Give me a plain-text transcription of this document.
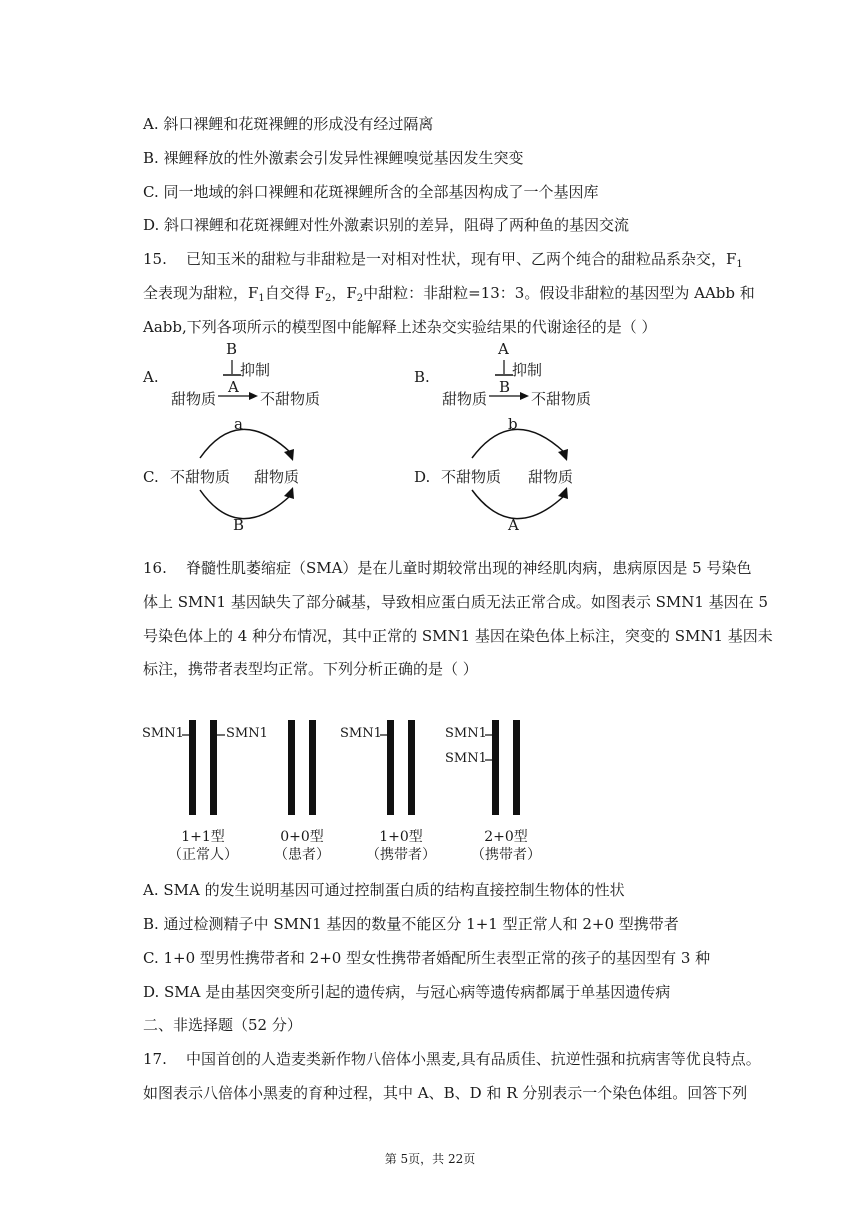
A. 斜口裸鲤和花斑裸鲤的形成没有经过隔离
B. 裸鲤释放的性外激素会引发异性裸鲤嗅觉基因发生突变
C. 同一地域的斜口裸鲤和花斑裸鲤所含的全部基因构成了一个基因库
D. 斜口裸鲤和花斑裸鲤对性外激素识别的差异，阻碍了两种鱼的基因交流
15. 已知玉米的甜粒与非甜粒是一对相对性状，现有甲、乙两个纯合的甜粒品系杂交，$F_1$
全表现为甜粒，$F_1$自交得 $F_2$，$F_2$中甜粒：非甜粒=13：3。假设非甜粒的基因型为 AAbb 和
Aabb,下列各项所示的模型图中能解释上述杂交实验结果的代谢途径的是（ ）
A.
B
抑制
A
甜物质	不甜物质
B.
A
抑制
B
甜物质	不甜物质
C.
a
不甜物质 甜物质
B
D.
b
不甜物质 甜物质
A
16. 脊髓性肌萎缩症（SMA）是在儿童时期较常出现的神经肌肉病，患病原因是 5 号染色
体上 SMN1 基因缺失了部分碱基，导致相应蛋白质无法正常合成。如图表示 SMN1 基因在 5
号染色体上的 4 种分布情况，其中正常的 SMN1 基因在染色体上标注，突变的 SMN1 基因未
标注，携带者表型均正常。下列分析正确的是（ ）
SMN1	SMN1	SMN1	SMN1
SMN1
1+1型
（正常人）
0+0型
（患者）
1+0型
（携带者）
2+0型
（携带者）
A. SMA 的发生说明基因可通过控制蛋白质的结构直接控制生物体的性状
B. 通过检测精子中 SMN1 基因的数量不能区分 1+1 型正常人和 2+0 型携带者
C. 1+0 型男性携带者和 2+0 型女性携带者婚配所生表型正常的孩子的基因型有 3 种
D. SMA 是由基因突变所引起的遗传病，与冠心病等遗传病都属于单基因遗传病
二、非选择题（52 分）
17. 中国首创的人造麦类新作物八倍体小黑麦,具有品质佳、抗逆性强和抗病害等优良特点。
如图表示八倍体小黑麦的育种过程，其中 A、B、D 和 R 分别表示一个染色体组。回答下列
第 5页，共 22页
